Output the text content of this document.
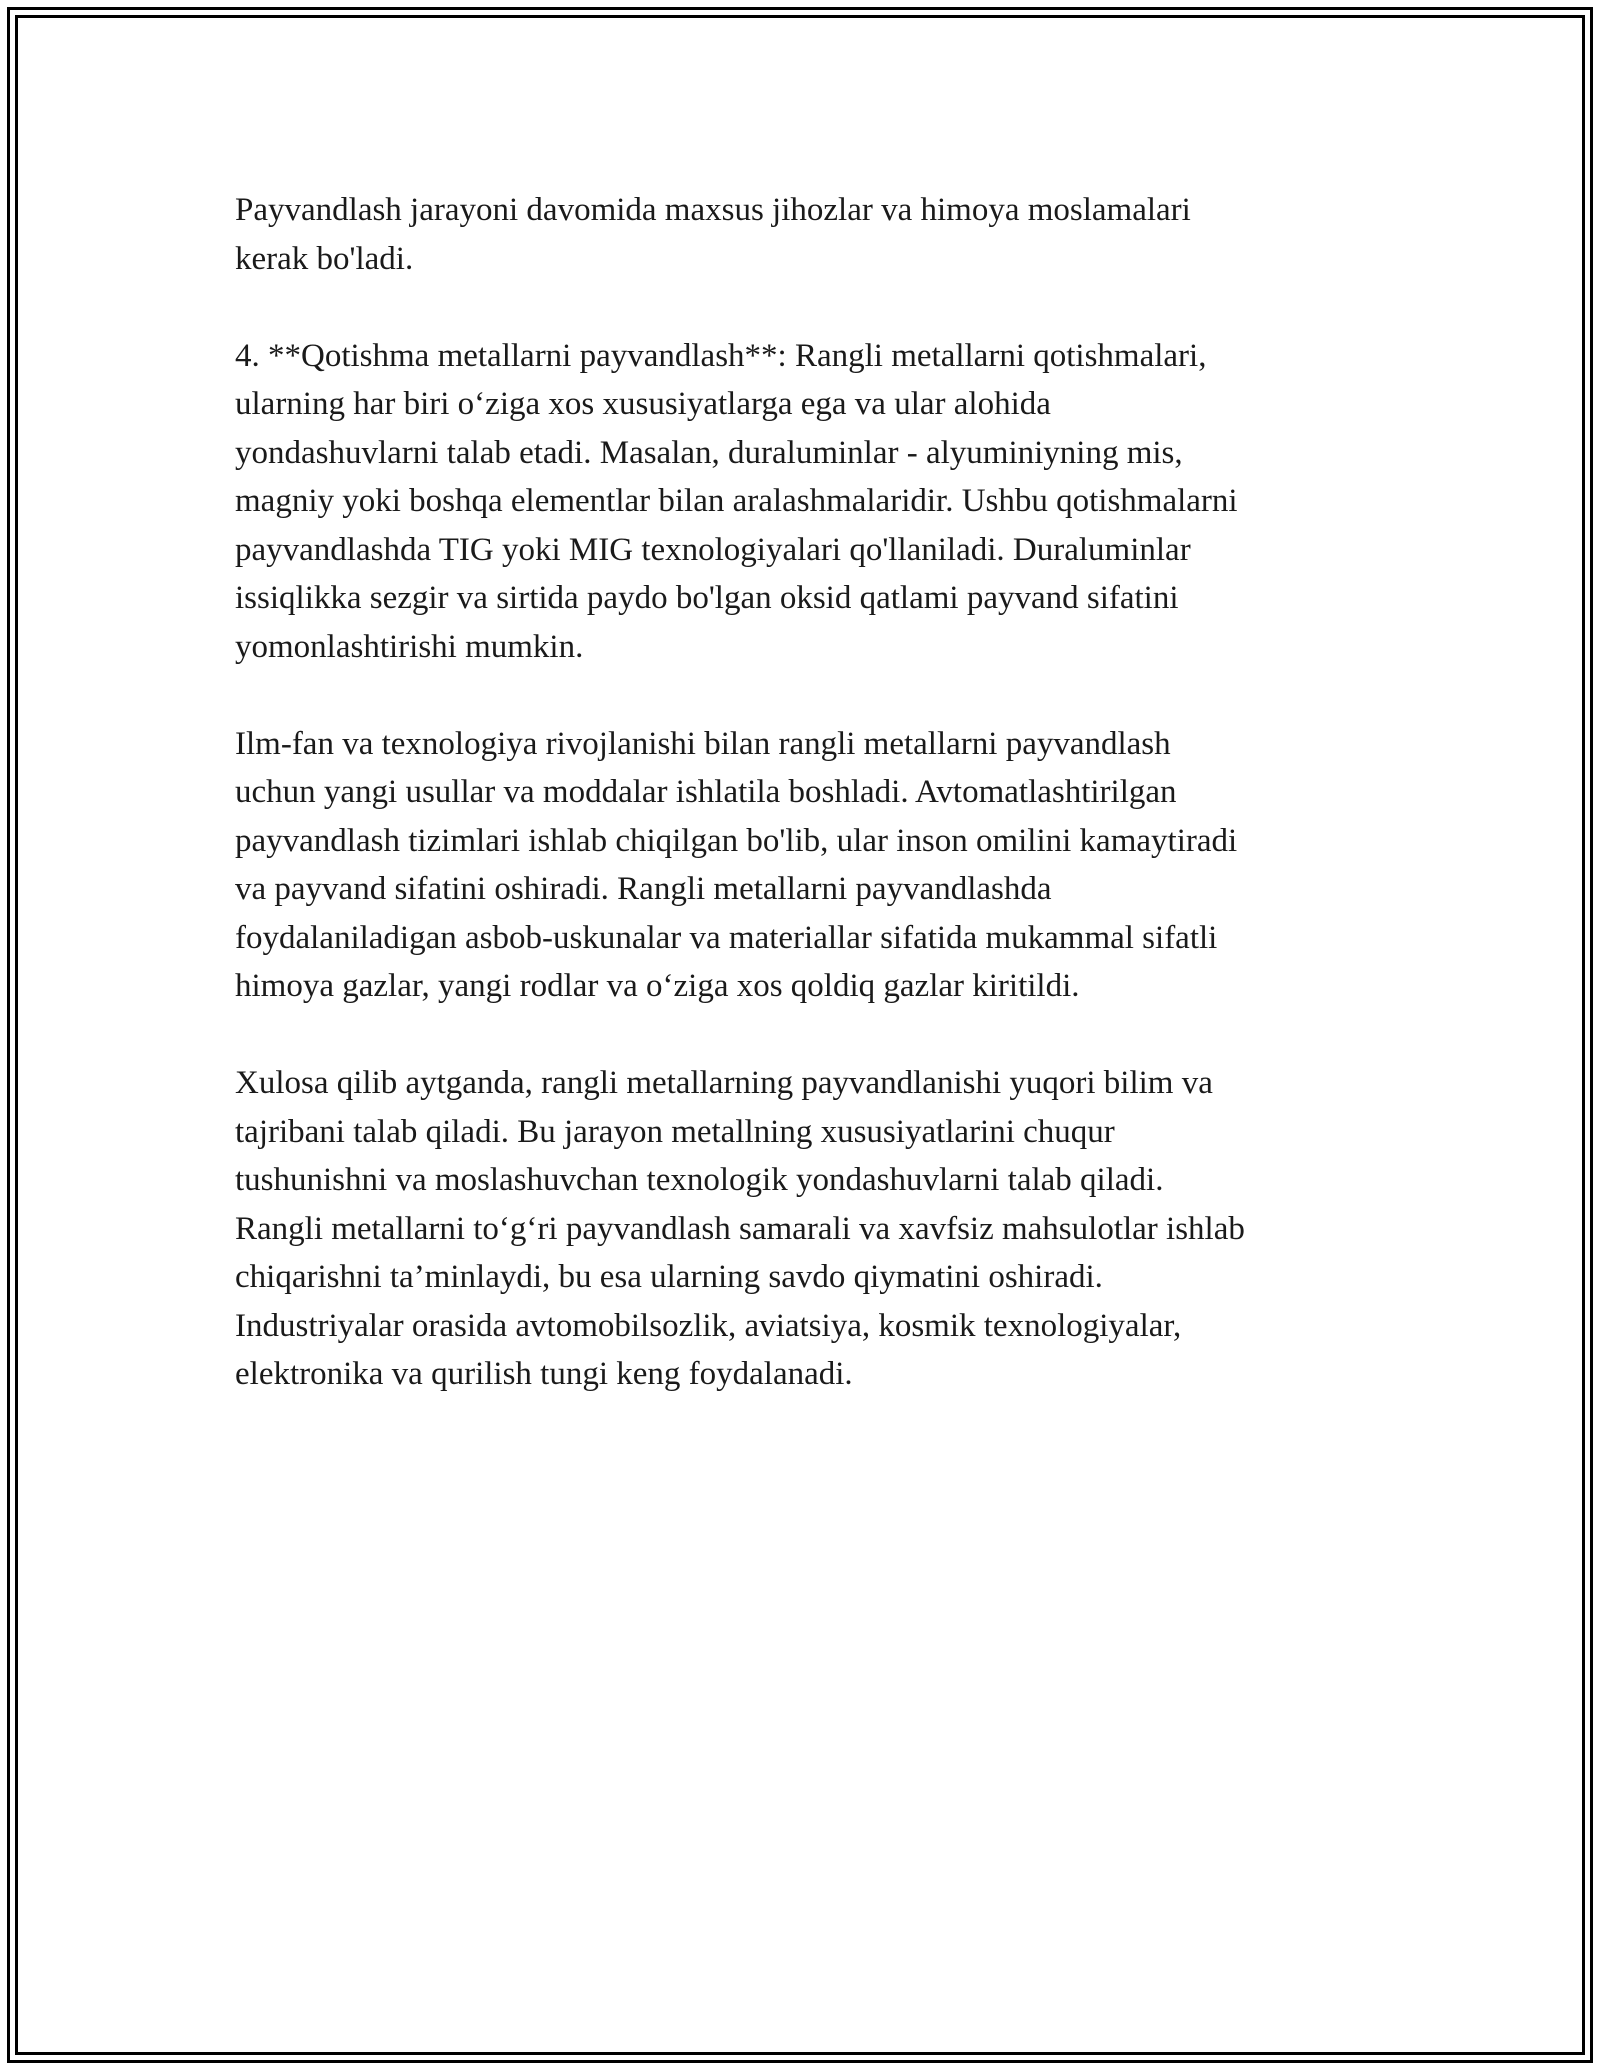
Payvandlash jarayoni davomida maxsus jihozlar va himoya moslamalari
kerak bo'ladi.

4. **Qotishma metallarni payvandlash**: Rangli metallarni qotishmalari,
ularning har biri o‘ziga xos xususiyatlarga ega va ular alohida
yondashuvlarni talab etadi. Masalan, duraluminlar - alyuminiyning mis,
magniy yoki boshqa elementlar bilan aralashmalaridir. Ushbu qotishmalarni
payvandlashda TIG yoki MIG texnologiyalari qo'llaniladi. Duraluminlar
issiqlikka sezgir va sirtida paydo bo'lgan oksid qatlami payvand sifatini
yomonlashtirishi mumkin.

Ilm-fan va texnologiya rivojlanishi bilan rangli metallarni payvandlash
uchun yangi usullar va moddalar ishlatila boshladi. Avtomatlashtirilgan
payvandlash tizimlari ishlab chiqilgan bo'lib, ular inson omilini kamaytiradi
va payvand sifatini oshiradi. Rangli metallarni payvandlashda
foydalaniladigan asbob-uskunalar va materiallar sifatida mukammal sifatli
himoya gazlar, yangi rodlar va o‘ziga xos qoldiq gazlar kiritildi.

Xulosa qilib aytganda, rangli metallarning payvandlanishi yuqori bilim va
tajribani talab qiladi. Bu jarayon metallning xususiyatlarini chuqur
tushunishni va moslashuvchan texnologik yondashuvlarni talab qiladi.
Rangli metallarni to‘g‘ri payvandlash samarali va xavfsiz mahsulotlar ishlab
chiqarishni ta’minlaydi, bu esa ularning savdo qiymatini oshiradi.
Industriyalar orasida avtomobilsozlik, aviatsiya, kosmik texnologiyalar,
elektronika va qurilish tungi keng foydalanadi.
